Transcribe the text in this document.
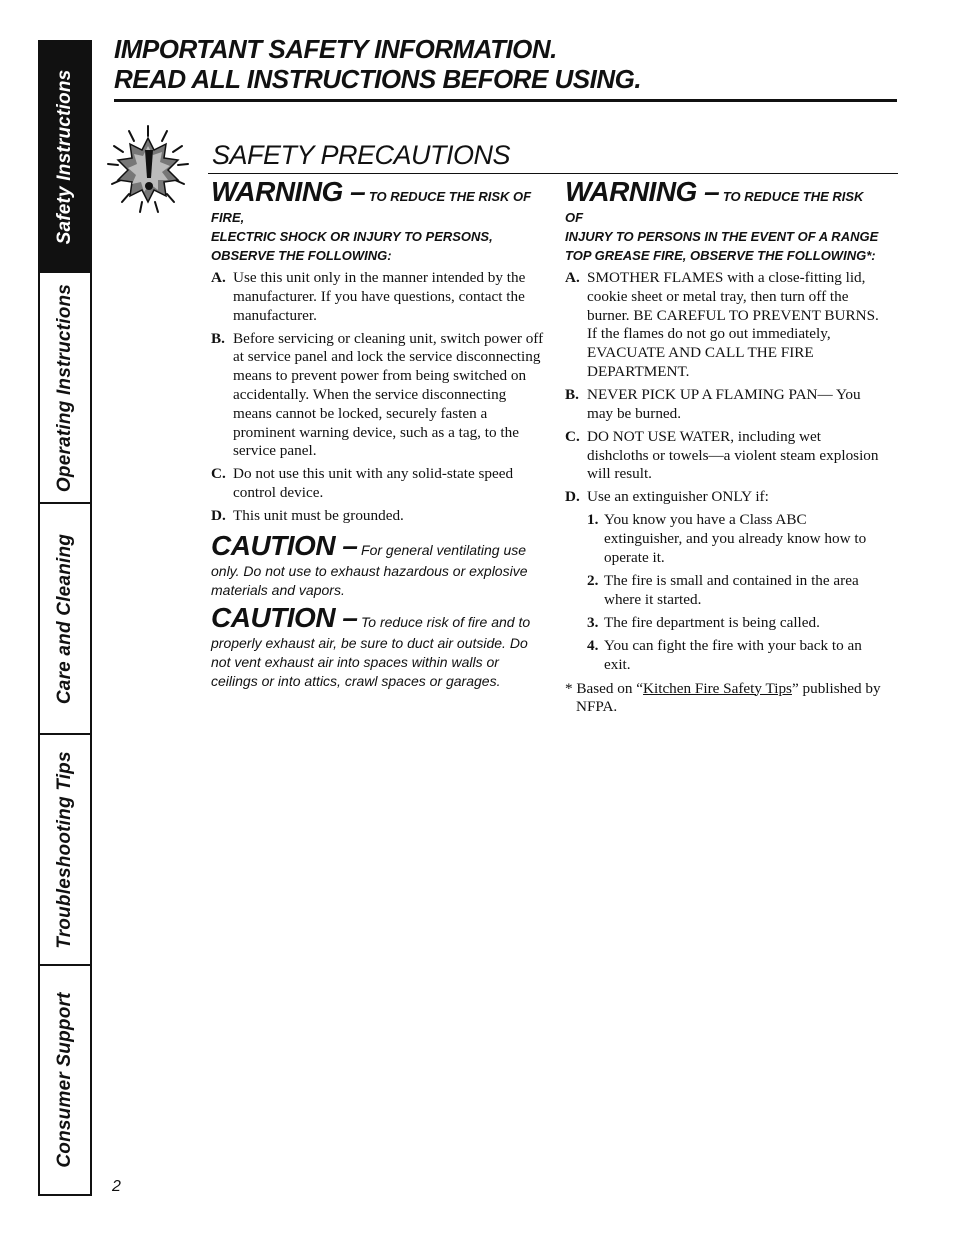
Safety Instructions
Operating Instructions
Care and Cleaning
Troubleshooting Tips
Consumer Support
IMPORTANT SAFETY INFORMATION.
READ ALL INSTRUCTIONS BEFORE USING.
SAFETY PRECAUTIONS

WARNING – TO REDUCE THE RISK OF FIRE,
ELECTRIC SHOCK OR INJURY TO PERSONS, OBSERVE THE FOLLOWING:

A. Use this unit only in the manner intended by the manufacturer. If you have questions, contact the manufacturer.
B. Before servicing or cleaning unit, switch power off at service panel and lock the service disconnecting means to prevent power from being switched on accidentally. When the service disconnecting means cannot be locked, securely fasten a prominent warning device, such as a tag, to the service panel.
C. Do not use this unit with any solid-state speed control device.
D. This unit must be grounded.

CAUTION – For general ventilating use only. Do not use to exhaust hazardous or explosive materials and vapors.

CAUTION – To reduce risk of fire and to properly exhaust air, be sure to duct air outside. Do not vent exhaust air into spaces within walls or ceilings or into attics, crawl spaces or garages.

WARNING – TO REDUCE THE RISK OF
INJURY TO PERSONS IN THE EVENT OF A RANGE TOP GREASE FIRE, OBSERVE THE FOLLOWING*:

A. SMOTHER FLAMES with a close-fitting lid, cookie sheet or metal tray, then turn off the burner. BE CAREFUL TO PREVENT BURNS. If the flames do not go out immediately, EVACUATE AND CALL THE FIRE DEPARTMENT.
B. NEVER PICK UP A FLAMING PAN— You may be burned.
C. DO NOT USE WATER, including wet dishcloths or towels—a violent steam explosion will result.
D. Use an extinguisher ONLY if:
1. You know you have a Class ABC extinguisher, and you already know how to operate it.
2. The fire is small and contained in the area where it started.
3. The fire department is being called.
4. You can fight the fire with your back to an exit.

* Based on “Kitchen Fire Safety Tips” published by NFPA.

2
